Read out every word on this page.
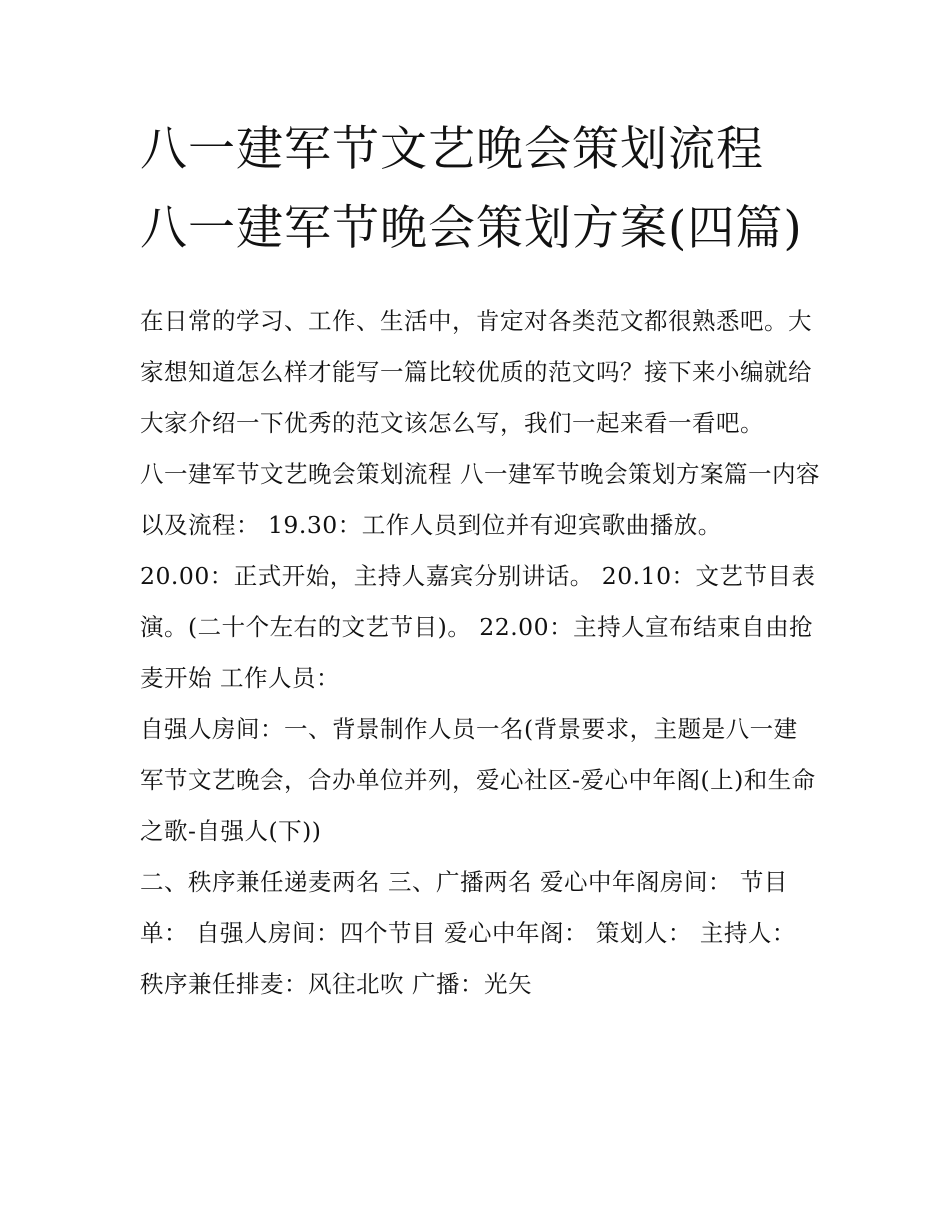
八一建军节文艺晚会策划流程 八一建军节晚会策划方案(四篇)

在日常的学习、工作、生活中，肯定对各类范文都很熟悉吧。大家想知道怎么样才能写一篇比较优质的范文吗？接下来小编就给大家介绍一下优秀的范文该怎么写，我们一起来看一看吧。

八一建军节文艺晚会策划流程 八一建军节晚会策划方案篇一内容以及流程： 19.30：工作人员到位并有迎宾歌曲播放。 20.00：正式开始，主持人嘉宾分别讲话。 20.10：文艺节目表演。(二十个左右的文艺节目)。 22.00：主持人宣布结束自由抢麦开始 工作人员：

自强人房间：一、背景制作人员一名(背景要求，主题是八一建军节文艺晚会，合办单位并列，爱心社区-爱心中年阁(上)和生命之歌-自强人(下))

二、秩序兼任递麦两名 三、广播两名 爱心中年阁房间： 节目单： 自强人房间：四个节目 爱心中年阁： 策划人： 主持人： 秩序兼任排麦：风往北吹 广播：光矢
